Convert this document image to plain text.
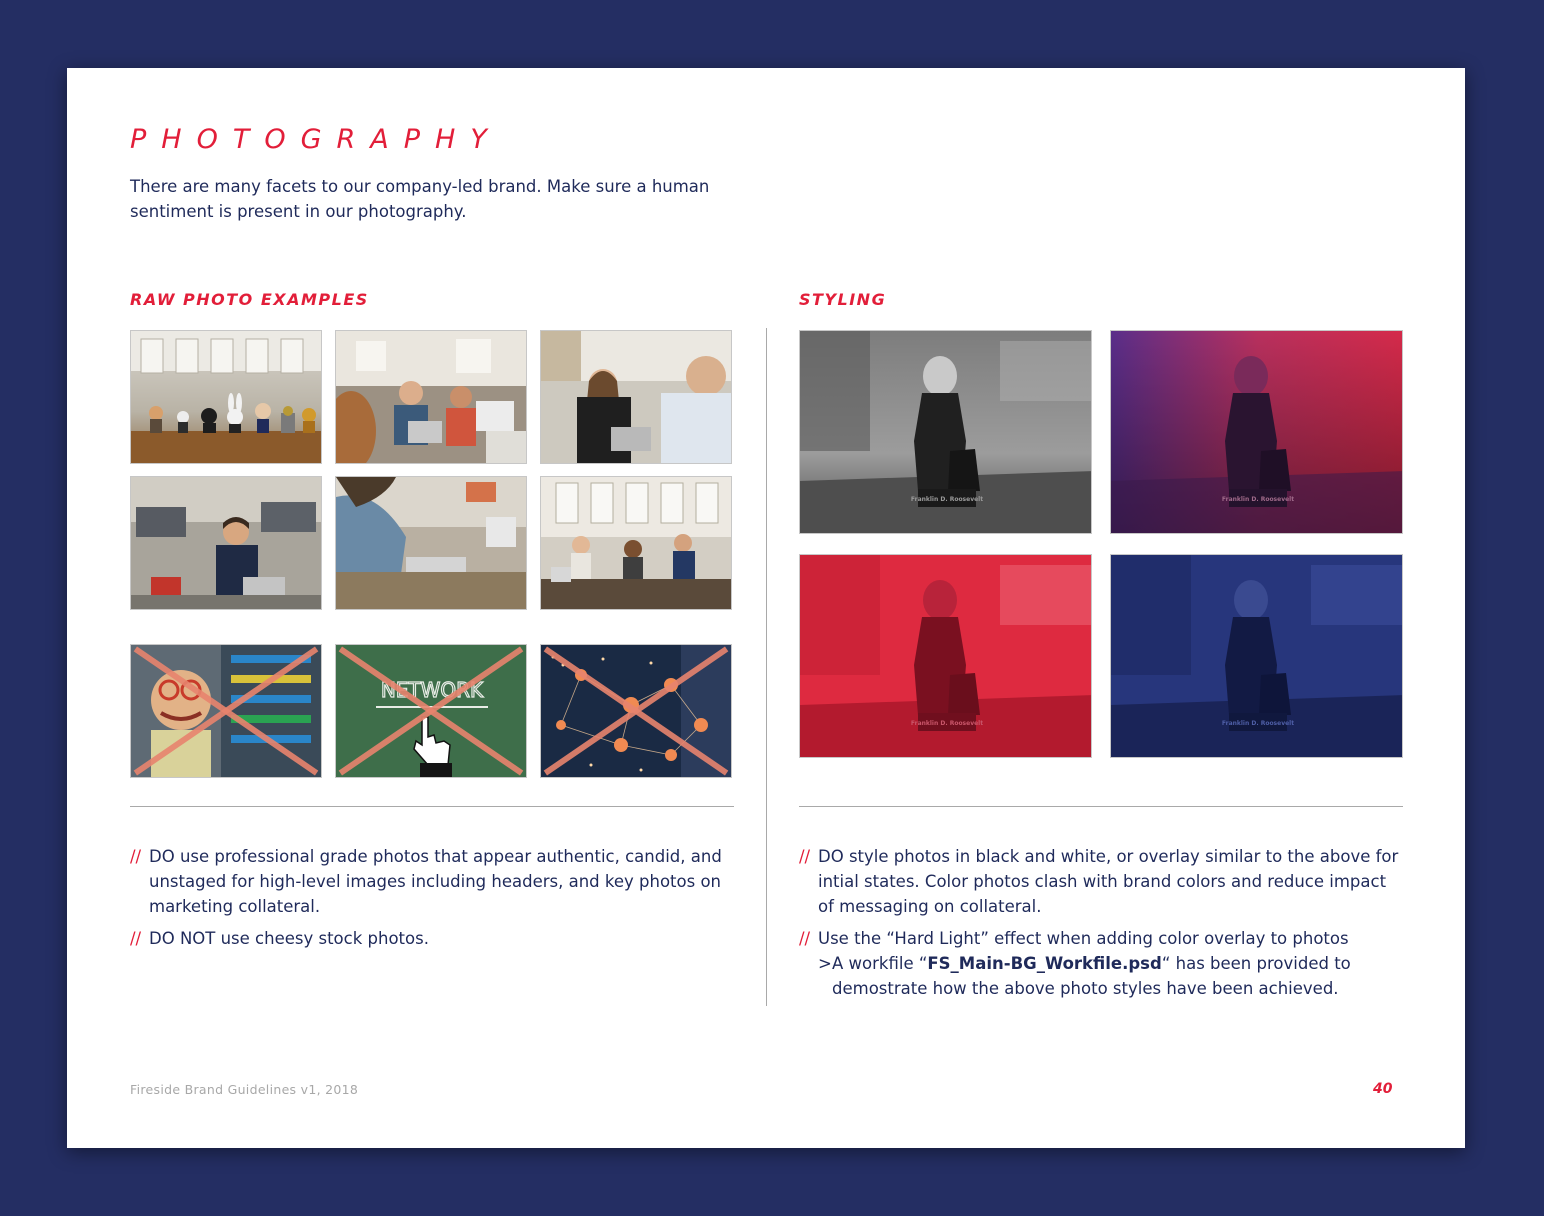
PHOTOGRAPHY

There are many facets to our company-led brand. Make sure a human sentiment is present in our photography.

RAW PHOTO EXAMPLES	STYLING
NETWORK
Franklin D. Roosevelt	Franklin D. Roosevelt
Franklin D. Roosevelt	Franklin D. Roosevelt
// DO use professional grade photos that appear authentic, candid, and unstaged for high-level images including headers, and key photos on marketing collateral.
// DO NOT use cheesy stock photos.
// DO style photos in black and white, or overlay similar to the above for intial states. Color photos clash with brand colors and reduce impact of messaging on collateral.
// Use the “Hard Light” effect when adding color overlay to photos
> A workfile “FS_Main-BG_Workfile.psd“ has been provided to demostrate how the above photo styles have been achieved.
Fireside Brand Guidelines v1, 2018	40
